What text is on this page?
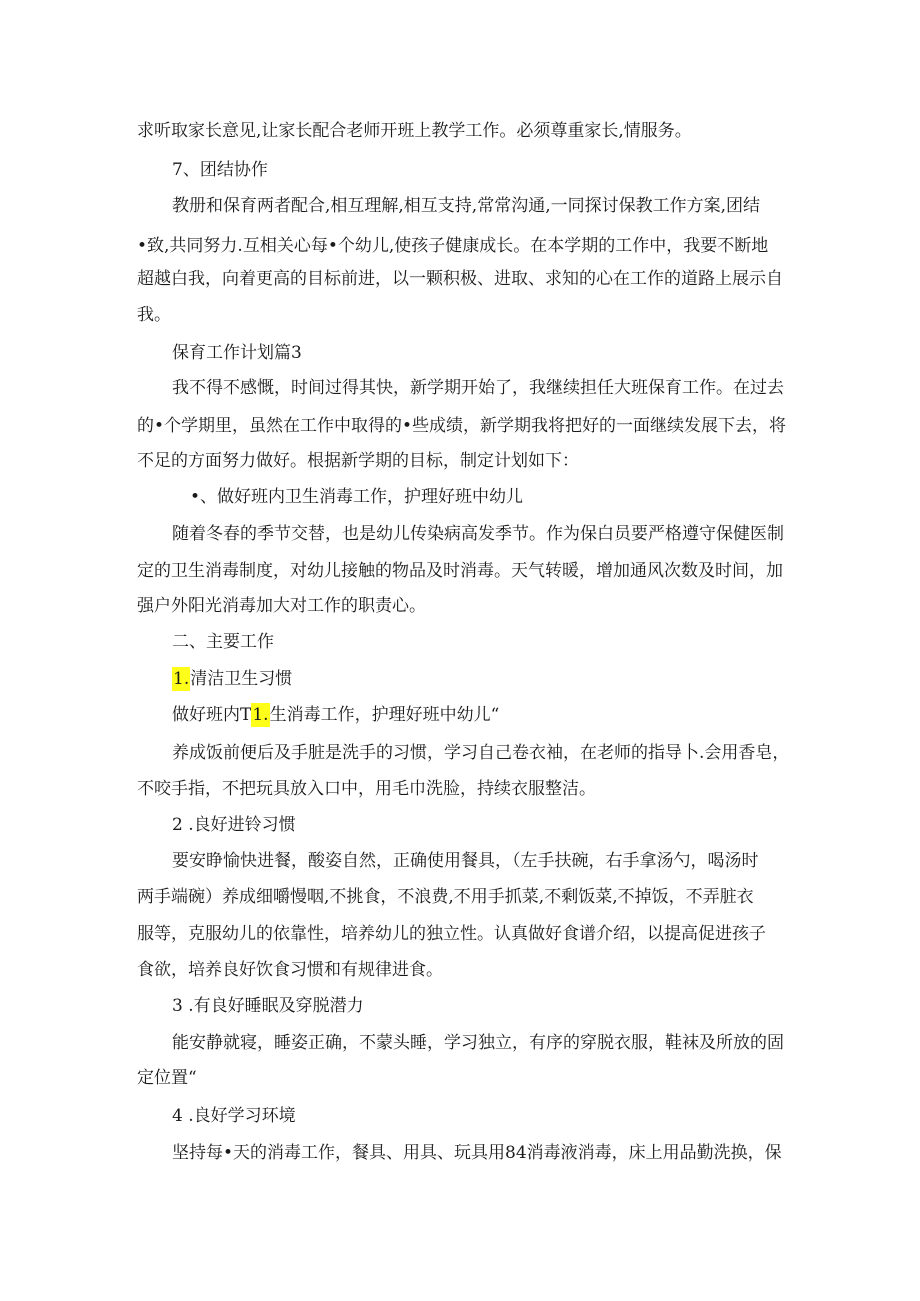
求听取家长意见,让家长配合老师开班上教学工作。必须尊重家长,情服务。
7、团结协作
教册和保育两者配合,相互理解,相互支持,常常沟通,一同探讨保教工作方案,团结
•致,共同努力.互相关心每•个幼儿,使孩子健康成长。在本学期的工作中，我要不断地
超越白我，向着更高的目标前进，以一颗积极、进取、求知的心在工作的道路上展示自
我。
保育工作计划篇3
我不得不感慨，时间过得其快，新学期开始了，我继续担任大班保育工作。在过去
的•个学期里，虽然在工作中取得的•些成绩，新学期我将把好的一面继续发展下去，将
不足的方面努力做好。根据新学期的目标，制定计划如下：
•、做好班内卫生消毒工作，护理好班中幼儿
随着冬春的季节交替，也是幼儿传染病高发季节。作为保白员要严格遵守保健医制
定的卫生消毒制度，对幼儿接触的物品及时消毒。天气转暖，增加通风次数及时间，加
强户外阳光消毒加大对工作的职责心。
二、主要工作
1.清洁卫生习惯
做好班内T1.生消毒工作，护理好班中幼儿“
养成饭前便后及手脏是洗手的习惯，学习自己卷衣袖，在老师的指导卜.会用香皂，
不咬手指，不把玩具放入口中，用毛巾洗脸，持续衣服整洁。
2 .良好进铃习惯
要安睁愉快进餐，酸姿自然，正确使用餐具，（左手扶碗，右手拿汤勺，喝汤时
两手端碗）养成细嚼慢咽,不挑食，不浪费,不用手抓菜,不剩饭菜,不掉饭，不弄脏衣
服等，克服幼儿的依靠性，培养幼儿的独立性。认真做好食谱介绍，以提高促进孩子
食欲，培养良好饮食习惯和有规律进食。
3 .有良好睡眠及穿脱潜力
能安静就寝，睡姿正确，不蒙头睡，学习独立，有序的穿脱衣服，鞋袜及所放的固
定位置“
4 .良好学习环境
坚持每•天的消毒工作，餐具、用具、玩具用84消毒液消毒，床上用品勤洗换，保
